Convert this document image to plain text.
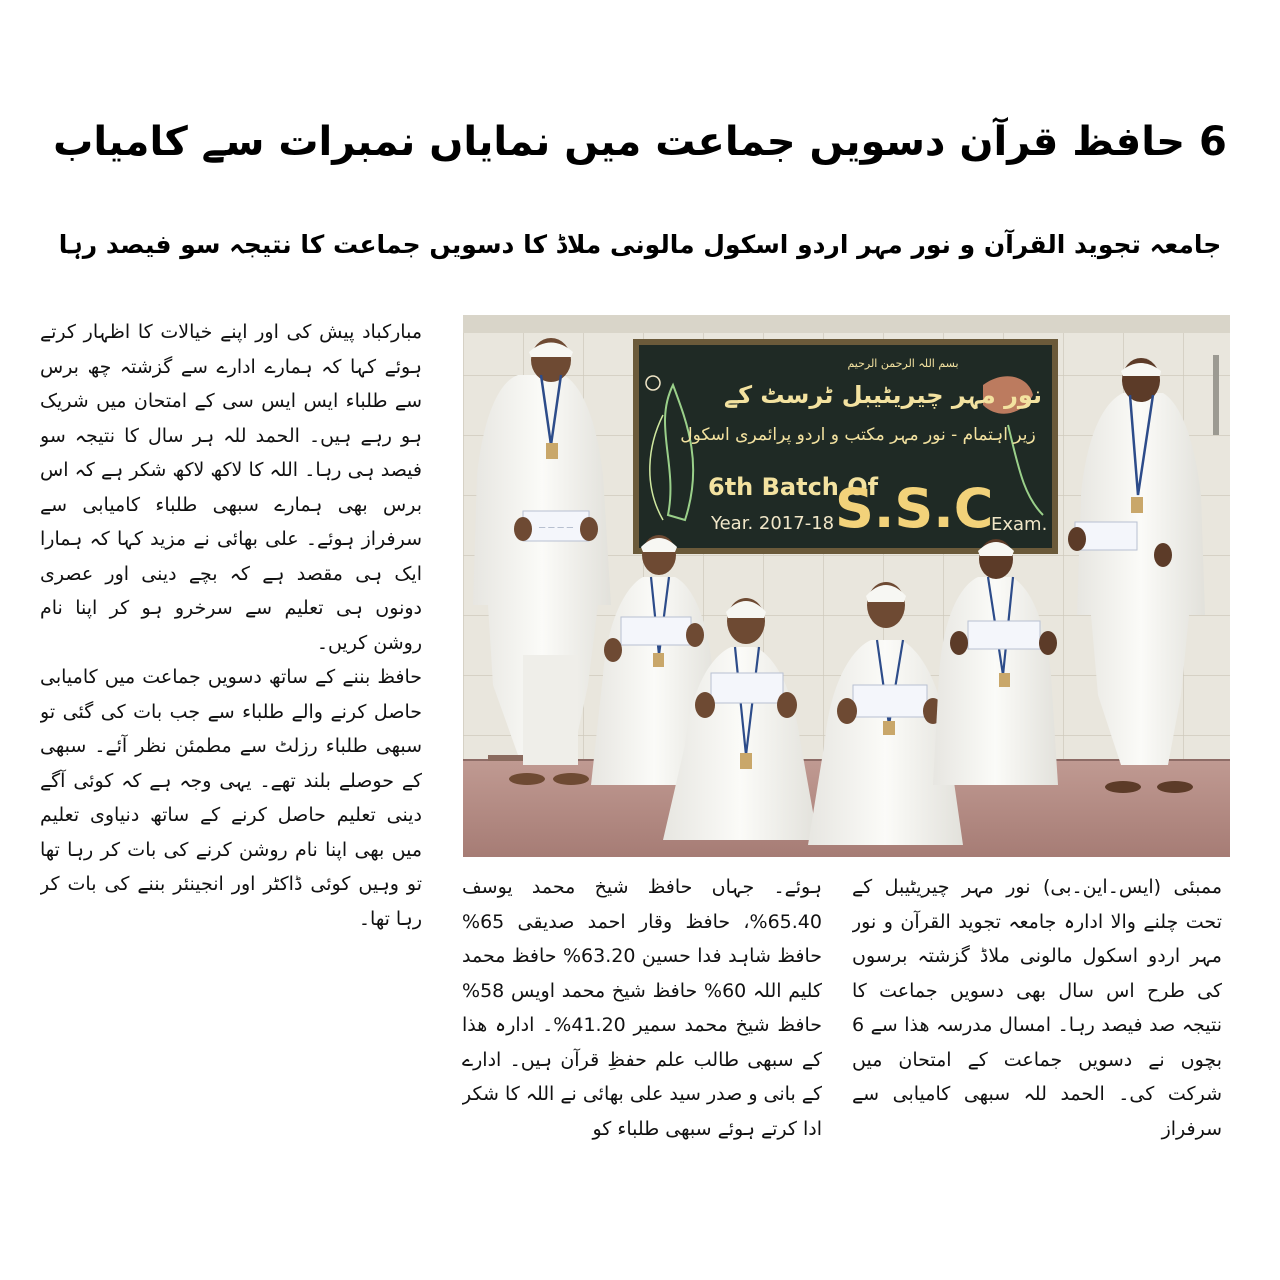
6 حافظ قرآن دسویں جماعت میں نمایاں نمبرات سے کامیاب
جامعہ تجوید القرآن و نور مہر اردو اسکول مالونی ملاڈ کا دسویں جماعت کا نتیجہ سو فیصد رہا
بسم اللہ الرحمن الرحیم
نور مہر چیریٹیبل ٹرسٹ کے
زیر اہتمام - نور مہر مکتب و اردو پرائمری اسکول
6th Batch Of
Year. 2017-18 S.S.C
Exam.
— — — —

مبارکباد پیش کی اور اپنے خیالات کا اظہار کرتے ہوئے کہا کہ ہمارے ادارے سے گزشتہ چھ برس سے طلباء ایس ایس سی کے امتحان میں شریک ہو رہے ہیں۔ الحمد للہ ہر سال کا نتیجہ سو فیصد ہی رہا۔ اللہ کا لاکھ لاکھ شکر ہے کہ اس برس بھی ہمارے سبھی طلباء کامیابی سے سرفراز ہوئے۔ علی بھائی نے مزید کہا کہ ہمارا ایک ہی مقصد ہے کہ بچے دینی اور عصری دونوں ہی تعلیم سے سرخرو ہو کر اپنا نام روشن کریں۔

حافظ بننے کے ساتھ دسویں جماعت میں کامیابی حاصل کرنے والے طلباء سے جب بات کی گئی تو سبھی طلباء رزلٹ سے مطمئن نظر آئے۔ سبھی کے حوصلے بلند تھے۔ یہی وجہ ہے کہ کوئی آگے دینی تعلیم حاصل کرنے کے ساتھ دنیاوی تعلیم میں بھی اپنا نام روشن کرنے کی بات کر رہا تھا تو وہیں کوئی ڈاکٹر اور انجینئر بننے کی بات کر رہا تھا۔

ہوئے۔ جہاں حافظ شیخ محمد یوسف 65.40%، حافظ وقار احمد صدیقی 65% حافظ شاہد فدا حسین 63.20% حافظ محمد کلیم اللہ 60% حافظ شیخ محمد اویس 58% حافظ شیخ محمد سمیر 41.20%۔ ادارہ ھذا کے سبھی طالب علم حفظِ قرآن ہیں۔ ادارے کے بانی و صدر سید علی بھائی نے اللہ کا شکر ادا کرتے ہوئے سبھی طلباء کو

ممبئی (ایس۔این۔بی) نور مہر چیریٹیبل کے تحت چلنے والا ادارہ جامعہ تجوید القرآن و نور مہر اردو اسکول مالونی ملاڈ گزشتہ برسوں کی طرح اس سال بھی دسویں جماعت کا نتیجہ صد فیصد رہا۔ امسال مدرسہ ھذا سے 6 بچوں نے دسویں جماعت کے امتحان میں شرکت کی۔ الحمد للہ سبھی کامیابی سے سرفراز
